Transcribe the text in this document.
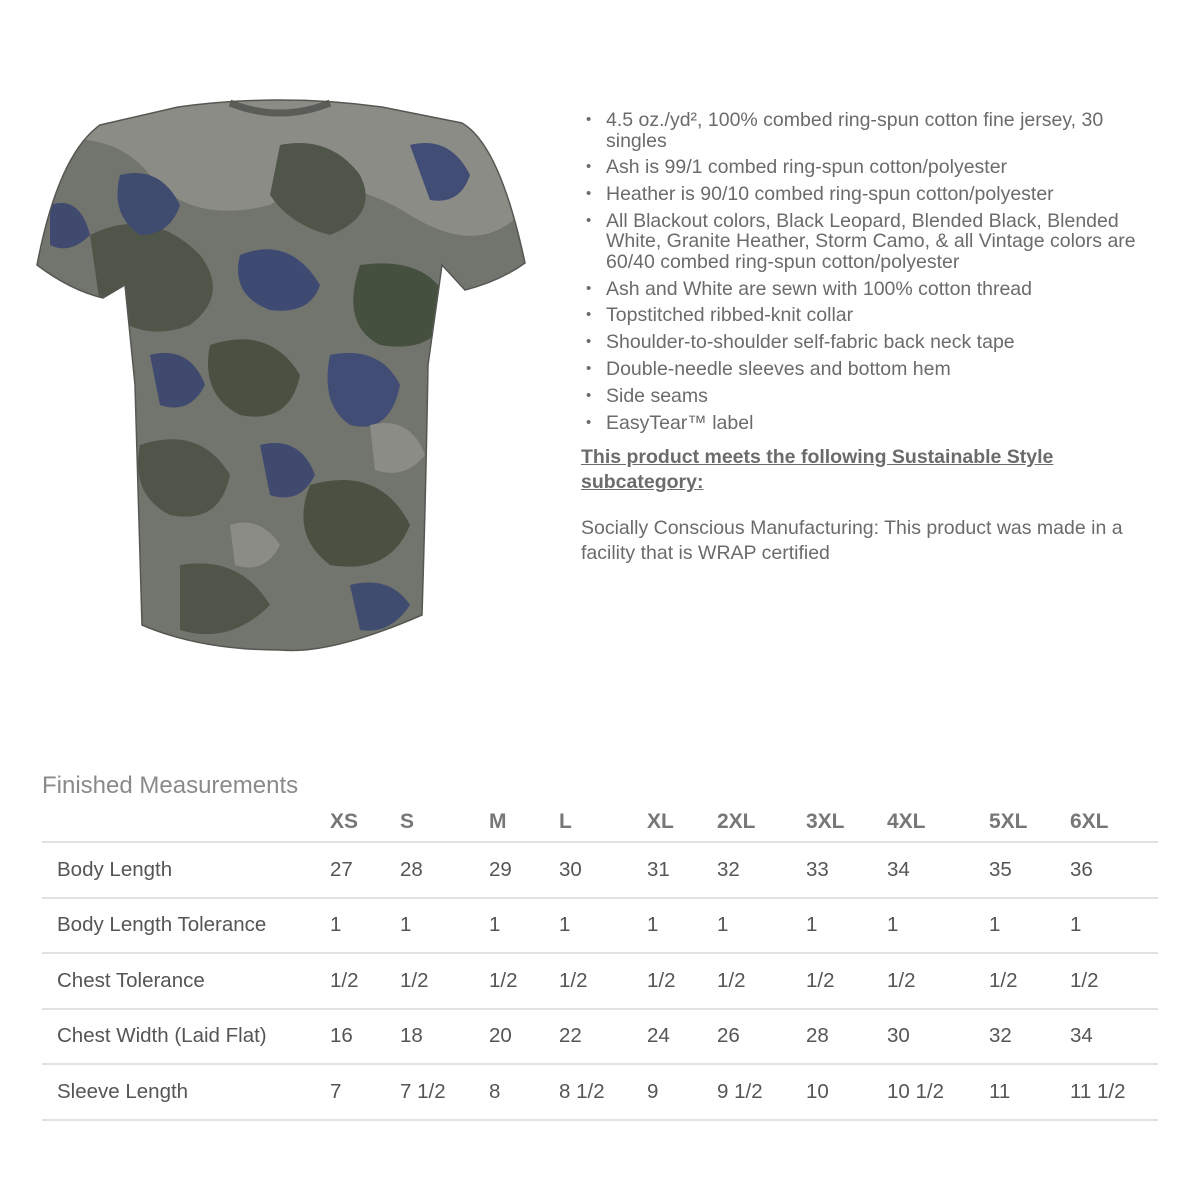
• 4.5 oz./yd², 100% combed ring-spun cotton fine jersey, 30 singles
• Ash is 99/1 combed ring-spun cotton/polyester
• Heather is 90/10 combed ring-spun cotton/polyester
• All Blackout colors, Black Leopard, Blended Black, Blended White, Granite Heather, Storm Camo, & all Vintage colors are 60/40 combed ring-spun cotton/polyester
• Ash and White are sewn with 100% cotton thread
• Topstitched ribbed-knit collar
• Shoulder-to-shoulder self-fabric back neck tape
• Double-needle sleeves and bottom hem
• Side seams
• EasyTear™ label
This product meets the following Sustainable Style subcategory:
Socially Conscious Manufacturing: This product was made in a facility that is WRAP certified
Finished Measurements
	XS	S	M	L	XL	2XL	3XL	4XL	5XL	6XL
Body Length	27	28	29	30	31	32	33	34	35	36
Body Length Tolerance	1	1	1	1	1	1	1	1	1	1
Chest Tolerance	1/2	1/2	1/2	1/2	1/2	1/2	1/2	1/2	1/2	1/2
Chest Width (Laid Flat)	16	18	20	22	24	26	28	30	32	34
Sleeve Length	7	7 1/2	8	8 1/2	9	9 1/2	10	10 1/2	11	11 1/2
